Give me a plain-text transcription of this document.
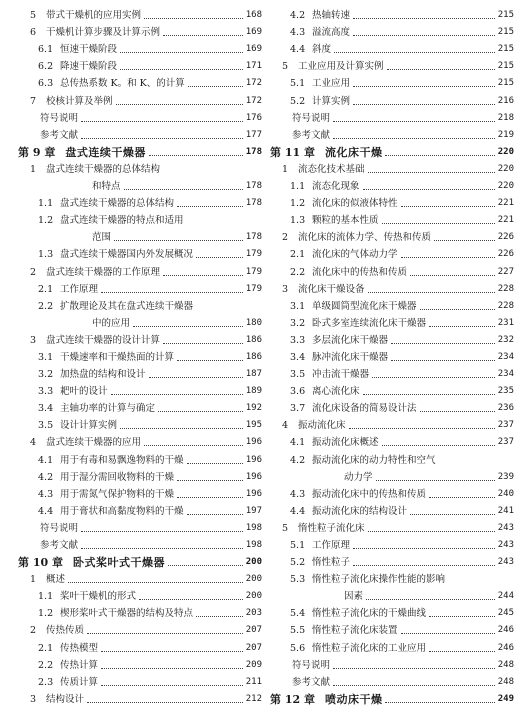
5	带式干燥机的应用实例	168
6	干燥机计算步骤及计算示例	169
6.1 恒速干燥阶段	169
6.2 降速干燥阶段	171
6.3 总传热系数 K。和 K、的计算	172
7	校核计算及举例	172
符号说明	176
参考文献	177
第 9 章 盘式连续干燥器	178
1	盘式连续干燥器的总体结构
和特点	178
1.1 盘式连续干燥器的总体结构	178
1.2 盘式连续干燥器的特点和适用
范围	178
1.3 盘式连续干燥器国内外发展概况	179
2	盘式连续干燥器的工作原理	179
2.1 工作原理	179
2.2 扩散理论及其在盘式连续干燥器
中的应用	180
3	盘式连续干燥器的设计计算	186
3.1 干燥速率和干燥热面的计算	186
3.2 加热盘的结构和设计	187
3.3 耙叶的设计	189
3.4 主轴功率的计算与确定	192
3.5 设计计算实例	195
4	盘式连续干燥器的应用	196
4.1 用于有毒和易飘逸物料的干燥	196
4.2 用于湿分需回收物料的干燥	196
4.3 用于需氮气保护物料的干燥	196
4.4 用于膏状和高黏度物料的干燥	197
符号说明	198
参考文献	198
第 10 章 卧式桨叶式干燥器	200
1	概述	200
1.1 桨叶干燥机的形式	200
1.2 楔形桨叶式干燥器的结构及特点	203
2	传热传质	207
2.1 传热模型	207
2.2 传热计算	209
2.3 传质计算	211
3	结构设计	212
4.2 热轴转速	215
4.3 溢流高度	215
4.4 斜度	215
5	工业应用及计算实例	215
5.1 工业应用	215
5.2 计算实例	216
符号说明	218
参考文献	219
第 11 章 流化床干燥	220
1	流态化技术基础	220
1.1 流态化现象	220
1.2 流化床的似液体特性	221
1.3 颗粒的基本性质	221
2	流化床的流体力学、传热和传质	226
2.1 流化床的气体动力学	226
2.2 流化床中的传热和传质	227
3	流化床干燥设备	228
3.1 单级圆筒型流化床干燥器	228
3.2 卧式多室连续流化床干燥器	231
3.3 多层流化床干燥器	232
3.4 脉冲流化床干燥器	234
3.5 冲击流干燥器	234
3.6 离心流化床	235
3.7 流化床设备的简易设计法	236
4	振动流化床	237
4.1 振动流化床概述	237
4.2 振动流化床的动力特性和空气
动力学	239
4.3 振动流化床中的传热和传质	240
4.4 振动流化床的结构设计	241
5	惰性粒子流化床	243
5.1 工作原理	243
5.2 惰性粒子	243
5.3 惰性粒子流化床操作性能的影响
因素	244
5.4 惰性粒子流化床的干燥曲线	245
5.5 惰性粒子流化床装置	246
5.6 惰性粒子流化床的工业应用	246
符号说明	248
参考文献	248
第 12 章 喷动床干燥	249
